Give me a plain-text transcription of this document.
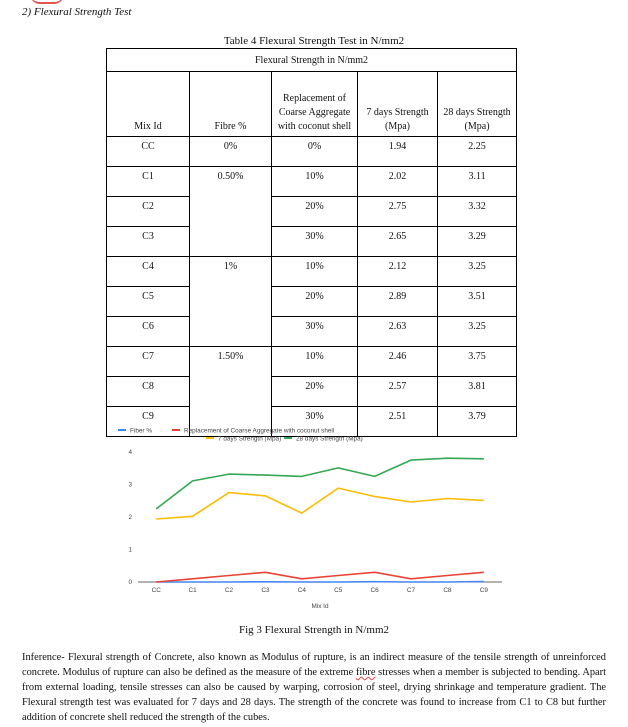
2) Flexural Strength Test
Table 4 Flexural Strength Test in N/mm2
Flexural Strength in N/mm2				
Mix Id	Fibre %	Replacement of Coarse Aggregate with coconut shell	7 days Strength (Mpa)	28 days Strength (Mpa)
CC	0%	0%	1.94	2.25
C1	0.50%	10%	2.02	3.11
C2		20%	2.75	3.32
C3		30%	2.65	3.29
C4	1%	10%	2.12	3.25
C5		20%	2.89	3.51
C6		30%	2.63	3.25
C7	1.50%	10%	2.46	3.75
C8		20%	2.57	3.81
C9		30%	2.51	3.79
Fiber %	Replacement of Coarse Aggregate with coconut shell
7 days Strength (Mpa) 28 days Strength (Mpa)
0
1
2
3
4
CC	C1	C2	C3	C4	C5	C6	C7	C8	C9
Mix Id
Fig 3 Flexural Strength in N/mm2

Inference- Flexural strength of Concrete, also known as Modulus of rupture, is an indirect measure of the tensile strength of unreinforced concrete. Modulus of rupture can also be defined as the measure of the extreme fibre stresses when a member is subjected to bending. Apart from external loading, tensile stresses can also be caused by warping, corrosion of steel, drying shrinkage and temperature gradient. The Flexural strength test was evaluated for 7 days and 28 days. The strength of the concrete was found to increase from C1 to C8 but further addition of concrete shell reduced the strength of the cubes.
